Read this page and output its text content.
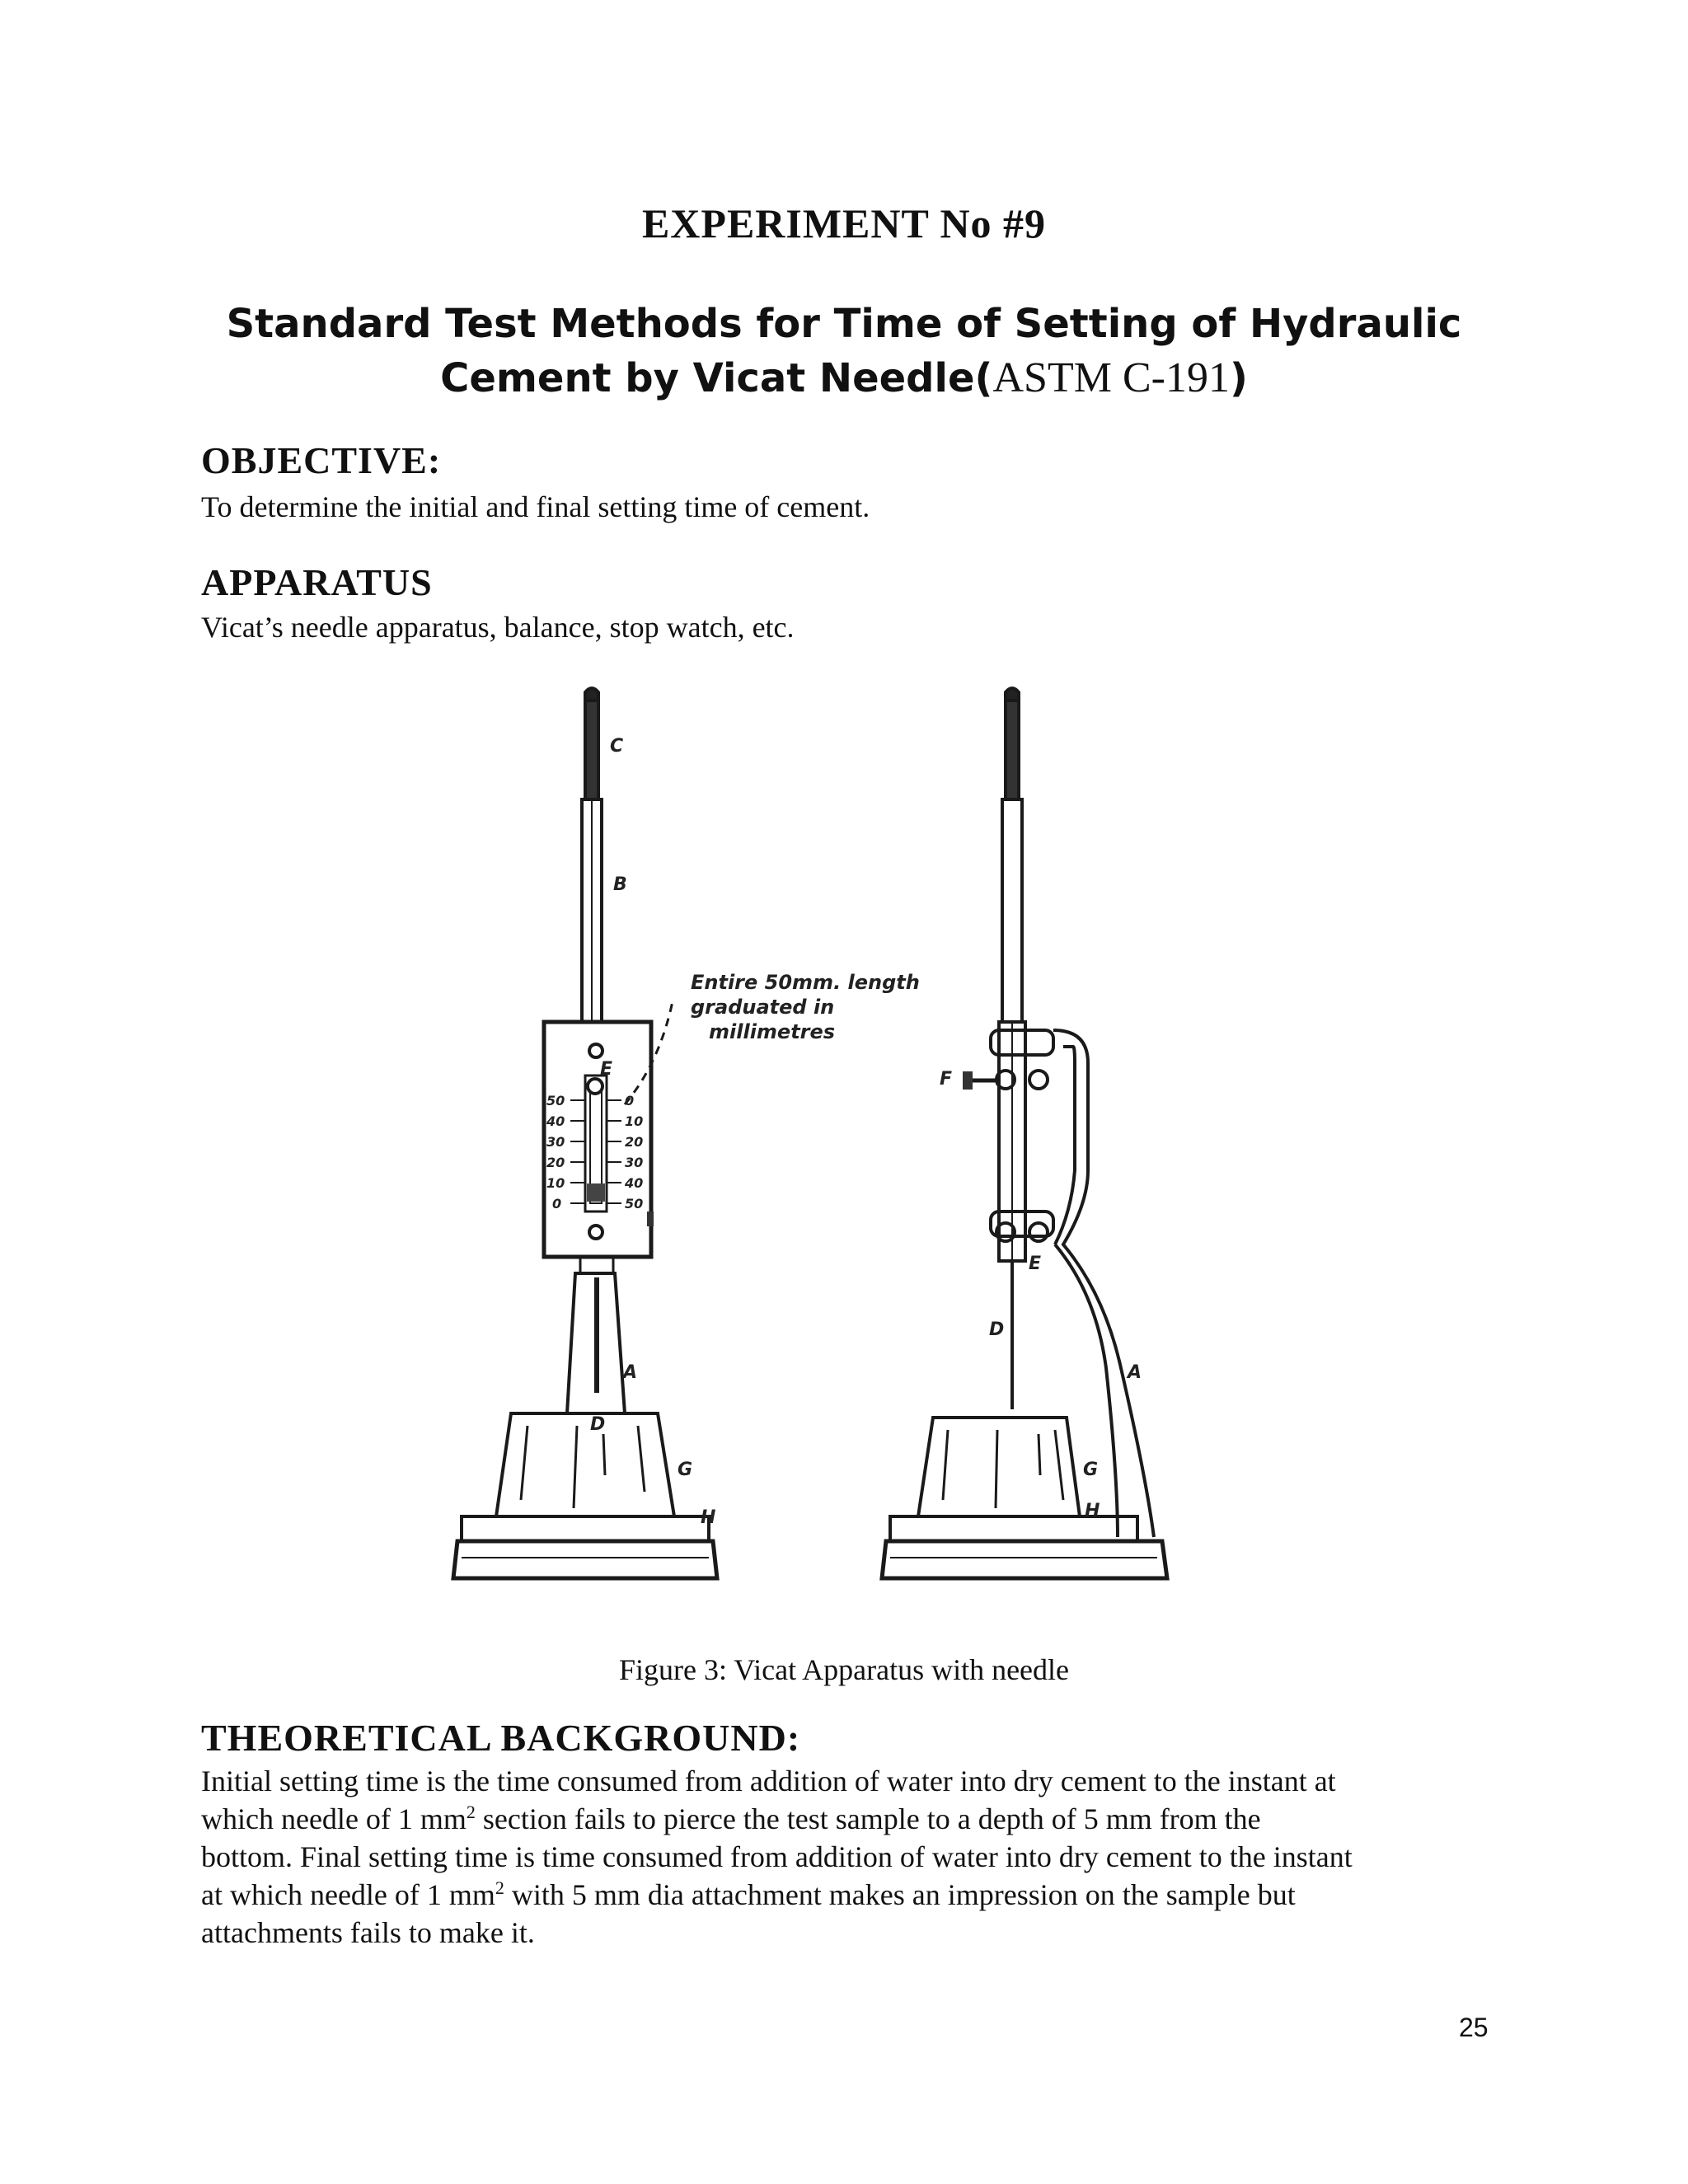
EXPERIMENT No #9
Standard Test Methods for Time of Setting of Hydraulic
Cement by Vicat Needle(ASTM C-191)
OBJECTIVE:
To determine the initial and final setting time of cement.
APPARATUS
Vicat’s needle apparatus, balance, stop watch, etc.
C
B
A
D
E
G
H
50
40
30
20
10
0
0
10
20
30
40
50
Entire 50mm. length
graduated in
millimetres
F
E
D
A
G
H
Figure 3: Vicat Apparatus with needle
THEORETICAL BACKGROUND:
Initial setting time is the time consumed from addition of water into dry cement to the instant at
which needle of 1 $mm^2$ section fails to pierce the test sample to a depth of 5 mm from the
bottom. Final setting time is time consumed from addition of water into dry cement to the instant
at which needle of 1 $mm^2$ with 5 mm dia attachment makes an impression on the sample but
attachments fails to make it.
25
